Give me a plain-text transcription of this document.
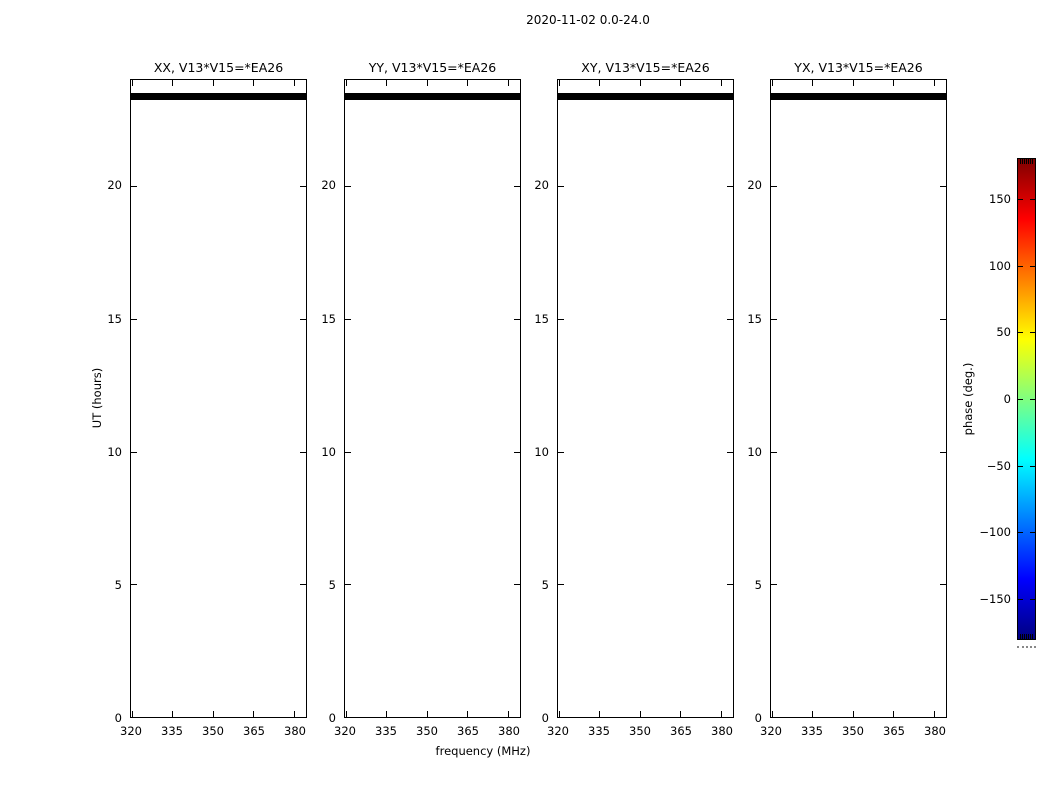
2020-11-02 0.0-24.0
frequency (MHz)
UT (hours)	phase (deg.)
XX, V13*V15=*EA26
0
5
10
15
20
320 335 350 365 380
YY, V13*V15=*EA26
0
5
10
15
20
320 335 350 365 380
XY, V13*V15=*EA26
0
5
10
15
20
320 335 350 365 380
YX, V13*V15=*EA26
0
5
10
15
20
320 335 350 365 380
150
100
50
0
−50
−100
−150
